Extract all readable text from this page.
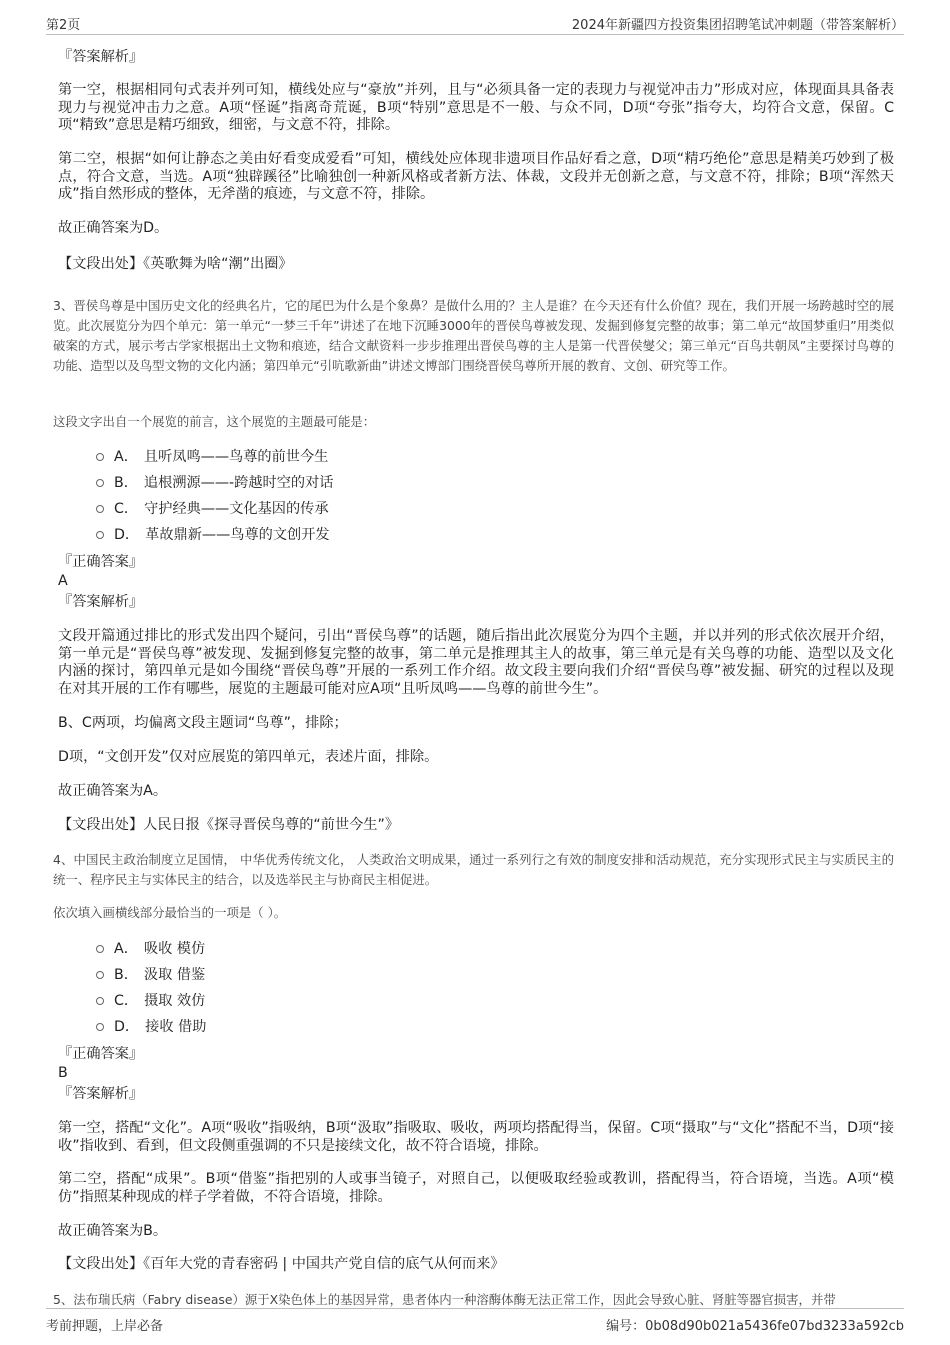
第2页	2024年新疆四方投资集团招聘笔试冲刺题（带答案解析）
『答案解析』
第一空，根据相同句式表并列可知，横线处应与“豪放”并列，且与“必须具备一定的表现力与视觉冲击力”形成对应，体现面具具备表现力与视觉冲击力之意。A项“怪诞”指离奇荒诞，B项“特别”意思是不一般、与众不同，D项“夸张”指夸大，均符合文意，保留。C项“精致”意思是精巧细致，细密，与文意不符，排除。
第二空，根据“如何让静态之美由好看变成爱看”可知，横线处应体现非遗项目作品好看之意，D项“精巧绝伦”意思是精美巧妙到了极点，符合文意，当选。A项“独辟蹊径”比喻独创一种新风格或者新方法、体裁，文段并无创新之意，与文意不符，排除；B项“浑然天成”指自然形成的整体，无斧凿的痕迹，与文意不符，排除。
故正确答案为D。
【文段出处】《英歌舞为啥“潮”出圈》
3、晋侯鸟尊是中国历史文化的经典名片，它的尾巴为什么是个象鼻？是做什么用的？主人是谁？在今天还有什么价值？现在，我们开展一场跨越时空的展览。此次展览分为四个单元：第一单元“一梦三千年”讲述了在地下沉睡3000年的晋侯鸟尊被发现、发掘到修复完整的故事；第二单元“故国梦重归”用类似破案的方式，展示考古学家根据出土文物和痕迹，结合文献资料一步步推理出晋侯鸟尊的主人是第一代晋侯燮父；第三单元“百鸟共朝凤”主要探讨鸟尊的功能、造型以及鸟型文物的文化内涵；第四单元“引吭歌新曲”讲述文博部门围绕晋侯鸟尊所开展的教育、文创、研究等工作。
这段文字出自一个展览的前言，这个展览的主题最可能是：
A． 且听凤鸣——鸟尊的前世今生
B． 追根溯源——-跨越时空的对话
C． 守护经典——文化基因的传承
D． 革故鼎新——鸟尊的文创开发
『正确答案』
A
『答案解析』
文段开篇通过排比的形式发出四个疑问，引出“晋侯鸟尊”的话题，随后指出此次展览分为四个主题，并以并列的形式依次展开介绍，第一单元是“晋侯鸟尊”被发现、发掘到修复完整的故事，第二单元是推理其主人的故事，第三单元是有关鸟尊的功能、造型以及文化内涵的探讨，第四单元是如今围绕“晋侯鸟尊”开展的一系列工作介绍。故文段主要向我们介绍“晋侯鸟尊”被发掘、研究的过程以及现在对其开展的工作有哪些，展览的主题最可能对应A项“且听凤鸣——鸟尊的前世今生”。
B、C两项，均偏离文段主题词“鸟尊”，排除；
D项，“文创开发”仅对应展览的第四单元，表述片面，排除。
故正确答案为A。
【文段出处】人民日报《探寻晋侯鸟尊的“前世今生”》
4、中国民主政治制度立足国情， 中华优秀传统文化， 人类政治文明成果，通过一系列行之有效的制度安排和活动规范，充分实现形式民主与实质民主的统一、程序民主与实体民主的结合，以及选举民主与协商民主相促进。
依次填入画横线部分最恰当的一项是（ ）。
A． 吸收 模仿
B． 汲取 借鉴
C． 摄取 效仿
D． 接收 借助
『正确答案』
B
『答案解析』
第一空，搭配“文化”。A项“吸收”指吸纳，B项“汲取”指吸取、吸收，两项均搭配得当，保留。C项“摄取”与“文化”搭配不当，D项“接收”指收到、看到，但文段侧重强调的不只是接续文化，故不符合语境，排除。
第二空，搭配“成果”。B项“借鉴”指把别的人或事当镜子，对照自己，以便吸取经验或教训，搭配得当，符合语境，当选。A项“模仿”指照某种现成的样子学着做，不符合语境，排除。
故正确答案为B。
【文段出处】《百年大党的青春密码 | 中国共产党自信的底气从何而来》
5、法布瑞氏病（Fabry disease）源于X染色体上的基因异常，患者体内一种溶酶体酶无法正常工作，因此会导致心脏、肾脏等器官损害，并带
考前押题，上岸必备	编号：0b08d90b021a5436fe07bd3233a592cb
